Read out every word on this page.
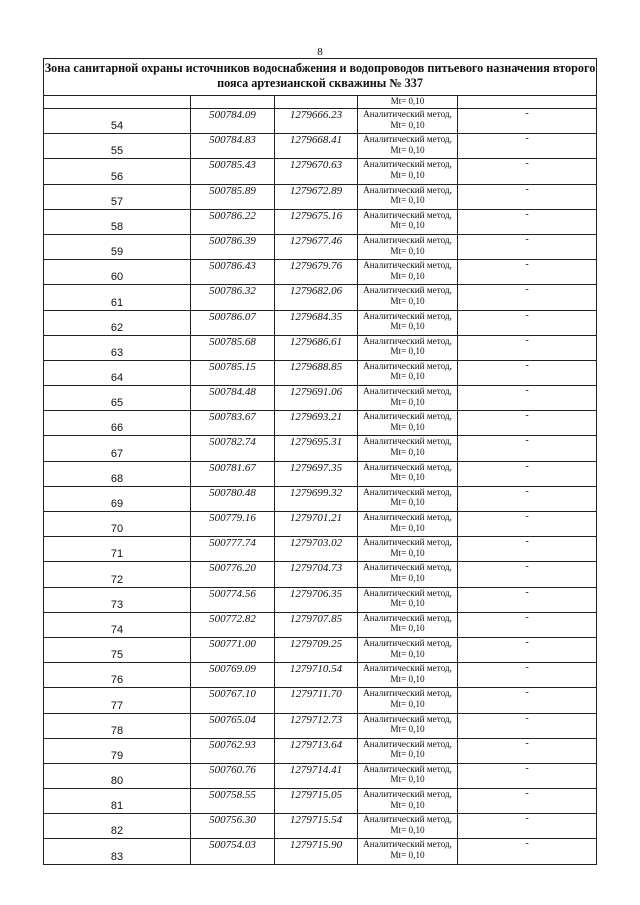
8
Зона санитарной охраны источников водоснабжения и водопроводов питьевого назначения второго пояса артезианской скважины № 337				
			Mt= 0,10	
54	500784.09	1279666.23	Аналитический метод,
Mt= 0,10	-
55	500784.83	1279668.41	Аналитический метод,
Mt= 0,10	-
56	500785.43	1279670.63	Аналитический метод,
Mt= 0,10	-
57	500785.89	1279672.89	Аналитический метод,
Mt= 0,10	-
58	500786.22	1279675.16	Аналитический метод,
Mt= 0,10	-
59	500786.39	1279677.46	Аналитический метод,
Mt= 0,10	-
60	500786.43	1279679.76	Аналитический метод,
Mt= 0,10	-
61	500786.32	1279682.06	Аналитический метод,
Mt= 0,10	-
62	500786.07	1279684.35	Аналитический метод,
Mt= 0,10	-
63	500785.68	1279686.61	Аналитический метод,
Mt= 0,10	-
64	500785.15	1279688.85	Аналитический метод,
Mt= 0,10	-
65	500784.48	1279691.06	Аналитический метод,
Mt= 0,10	-
66	500783.67	1279693.21	Аналитический метод,
Mt= 0,10	-
67	500782.74	1279695.31	Аналитический метод,
Mt= 0,10	-
68	500781.67	1279697.35	Аналитический метод,
Mt= 0,10	-
69	500780.48	1279699.32	Аналитический метод,
Mt= 0,10	-
70	500779.16	1279701.21	Аналитический метод,
Mt= 0,10	-
71	500777.74	1279703.02	Аналитический метод,
Mt= 0,10	-
72	500776.20	1279704.73	Аналитический метод,
Mt= 0,10	-
73	500774.56	1279706.35	Аналитический метод,
Mt= 0,10	-
74	500772.82	1279707.85	Аналитический метод,
Mt= 0,10	-
75	500771.00	1279709.25	Аналитический метод,
Mt= 0,10	-
76	500769.09	1279710.54	Аналитический метод,
Mt= 0,10	-
77	500767.10	1279711.70	Аналитический метод,
Mt= 0,10	-
78	500765.04	1279712.73	Аналитический метод,
Mt= 0,10	-
79	500762.93	1279713.64	Аналитический метод,
Mt= 0,10	-
80	500760.76	1279714.41	Аналитический метод,
Mt= 0,10	-
81	500758.55	1279715.05	Аналитический метод,
Mt= 0,10	-
82	500756.30	1279715.54	Аналитический метод,
Mt= 0,10	-
83	500754.03	1279715.90	Аналитический метод,
Mt= 0,10	-
